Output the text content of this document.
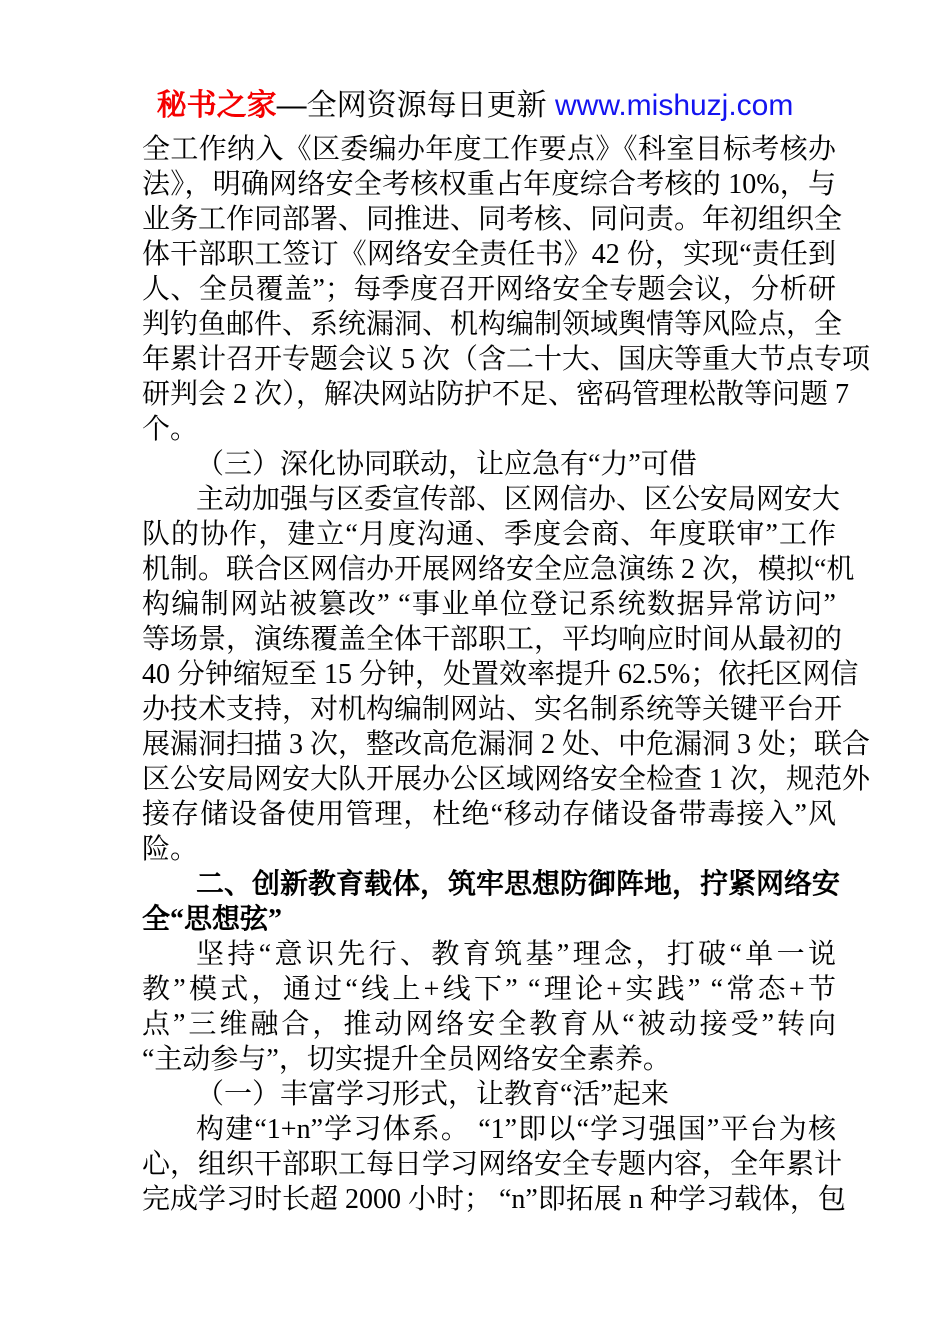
秘书之家—全网资源每日更新 www.mishuzj.com
全工作纳入《区委编办年度工作要点》《科室目标考核办
法》，明确网络安全考核权重占年度综合考核的 10%，与
业务工作同部署、同推进、同考核、同问责。年初组织全
体干部职工签订《网络安全责任书》42 份，实现“责任到
人、全员覆盖”；每季度召开网络安全专题会议，分析研
判钓鱼邮件、系统漏洞、机构编制领域舆情等风险点，全
年累计召开专题会议 5 次（含二十大、国庆等重大节点专项
研判会 2 次），解决网站防护不足、密码管理松散等问题 7
个。
（三）深化协同联动，让应急有“力”可借
主动加强与区委宣传部、区网信办、区公安局网安大
队的协作，建立“月度沟通、季度会商、年度联审”工作
机制。联合区网信办开展网络安全应急演练 2 次，模拟“机
构编制网站被篡改” “事业单位登记系统数据异常访问”
等场景，演练覆盖全体干部职工，平均响应时间从最初的
40 分钟缩短至 15 分钟，处置效率提升 62.5%；依托区网信
办技术支持，对机构编制网站、实名制系统等关键平台开
展漏洞扫描 3 次，整改高危漏洞 2 处、中危漏洞 3 处；联合
区公安局网安大队开展办公区域网络安全检查 1 次，规范外
接存储设备使用管理，杜绝“移动存储设备带毒接入”风
险。
二、创新教育载体，筑牢思想防御阵地，拧紧网络安
全“思想弦”
坚持“意识先行、教育筑基”理念，打破“单一说
教”模式，通过“线上+线下” “理论+实践” “常态+节
点”三维融合，推动网络安全教育从“被动接受”转向
“主动参与”，切实提升全员网络安全素养。
（一）丰富学习形式，让教育“活”起来
构建“1+n”学习体系。 “1”即以“学习强国”平台为核
心，组织干部职工每日学习网络安全专题内容，全年累计
完成学习时长超 2000 小时； “n”即拓展 n 种学习载体，包
